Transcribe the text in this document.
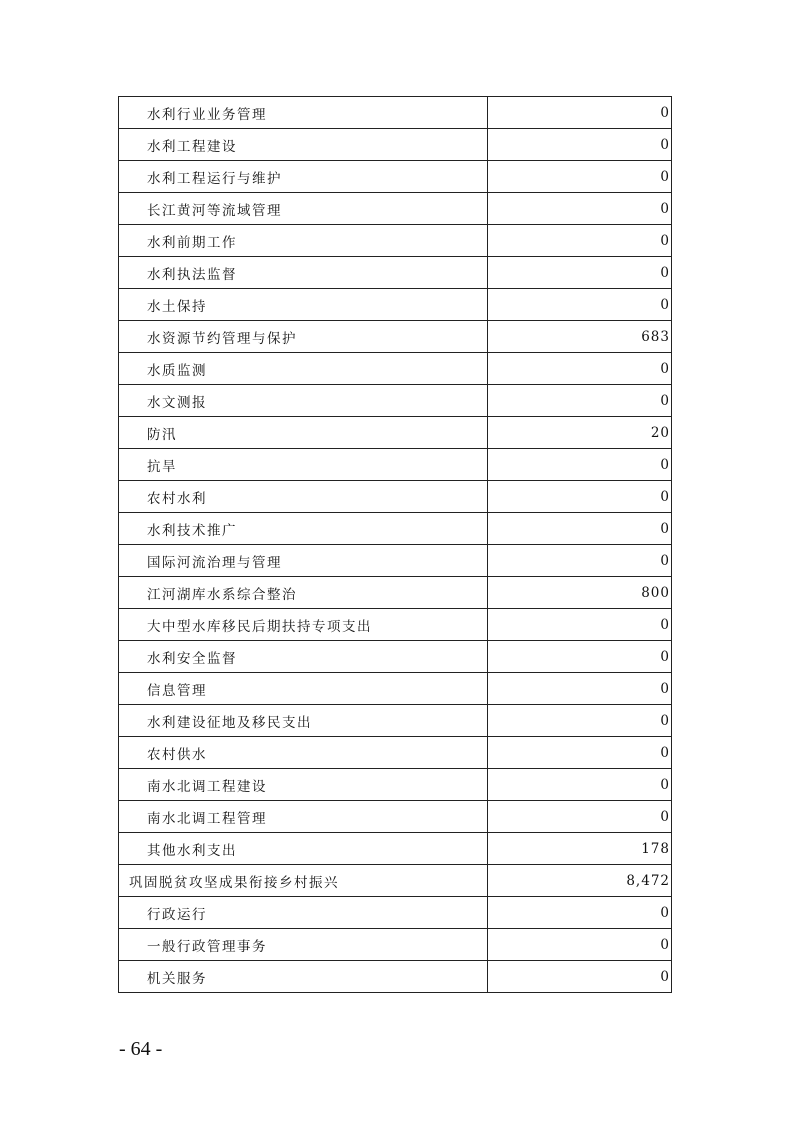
水利行业业务管理	0
水利工程建设	0
水利工程运行与维护	0
长江黄河等流域管理	0
水利前期工作	0
水利执法监督	0
水土保持	0
水资源节约管理与保护	683
水质监测	0
水文测报	0
防汛	20
抗旱	0
农村水利	0
水利技术推广	0
国际河流治理与管理	0
江河湖库水系综合整治	800
大中型水库移民后期扶持专项支出	0
水利安全监督	0
信息管理	0
水利建设征地及移民支出	0
农村供水	0
南水北调工程建设	0
南水北调工程管理	0
其他水利支出	178
巩固脱贫攻坚成果衔接乡村振兴	8,472
行政运行	0
一般行政管理事务	0
机关服务	0
- 64 -
